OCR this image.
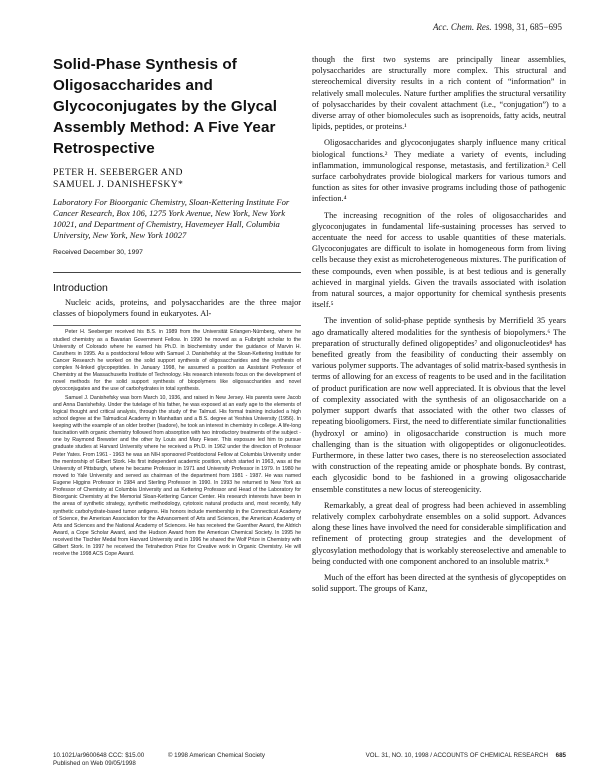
Acc. Chem. Res. 1998, 31, 685−695
Solid-Phase Synthesis of Oligosaccharides and Glycoconjugates by the Glycal Assembly Method: A Five Year Retrospective
PETER H. SEEBERGER AND
SAMUEL J. DANISHEFSKY*
Laboratory For Bioorganic Chemistry, Sloan-Kettering Institute For Cancer Research, Box 106, 1275 York Avenue, New York, New York 10021, and Department of Chemistry, Havemeyer Hall, Columbia University, New York, New York 10027
Received December 30, 1997
Introduction

Nucleic acids, proteins, and polysaccharides are the three major classes of biopolymers found in eukaryotes. Al-

Peter H. Seeberger received his B.S. in 1989 from the Universität Erlangen-Nürnberg, where he studied chemistry as a Bavarian Government Fellow. In 1990 he moved as a Fulbright scholar to the University of Colorado where he earned his Ph.D. in biochemistry under the guidance of Marvin H. Caruthers in 1995. As a postdoctoral fellow with Samuel J. Danishefsky at the Sloan-Kettering Institute for Cancer Research he worked on the solid support synthesis of oligosaccharides and the synthesis of complex N-linked glycopeptides. In January 1998, he assumed a position as Assistant Professor of Chemistry at the Massachusetts Institute of Technology. His research interests focus on the development of novel methods for the solid support synthesis of biopolymers like oligosaccharides and novel glycoconjugates and the use of carbohydrates in total synthesis.

Samuel J. Danishefsky was born March 10, 1936, and raised in New Jersey. His parents were Jacob and Anna Danishefsky. Under the tutelage of his father, he was exposed at an early age to the elements of logical thought and critical analysis, through the study of the Talmud. His formal training included a high school degree at the Talmudical Academy in Manhattan and a B.S. degree at Yeshiva University (1956). In keeping with the example of an older brother (Isadore), he took an interest in chemistry in college. A life-long fascination with organic chemistry followed from absorption with two introductory treatments of the subject - one by Raymond Brewster and the other by Louis and Mary Fieser. This exposure led him to pursue graduate studies at Harvard University where he received a Ph.D. in 1962 under the direction of Professor Peter Yates. From 1961 - 1963 he was an NIH sponsored Postdoctoral Fellow at Columbia University under the mentorship of Gilbert Stork. His first independent academic position, which started in 1963, was at the University of Pittsburgh, where he became Professor in 1971 and University Professor in 1979. In 1980 he moved to Yale University and served as chairman of the department from 1981 - 1987. He was named Eugene Higgins Professor in 1984 and Sterling Professor in 1990. In 1993 he returned to New York as Professor of Chemistry at Columbia University and as Kettering Professor and Head of the Laboratory for Bioorganic Chemistry at the Memorial Sloan-Kettering Cancer Center. His research interests have been in the areas of synthetic strategy, synthetic methodology, cytotoxic natural products and, most recently, fully synthetic carbohydrate-based tumor antigens. His honors include membership in the Connecticut Academy of Science, the American Association for the Advancement of Arts and Sciences, the American Academy of Arts and Sciences and the National Academy of Sciences. He has received the Guenther Award, the Aldrich Award, a Cope Scholar Award, and the Hudson Award from the American Chemical Society. In 1995 he received the Tischler Medal from Harvard University and in 1996 he shared the Wolf Prize in Chemistry with Gilbert Stork. In 1997 he received the Tetrahedron Prize for Creative work in Organic Chemistry. He will receive the 1998 ACS Cope Award.

though the first two systems are principally linear assemblies, polysaccharides are structurally more complex. This structural and stereochemical diversity results in a rich content of “information” in relatively small molecules. Nature further amplifies the structural versatility of polysaccharides by their covalent attachment (i.e., “conjugation”) to a diverse array of other biomolecules such as isoprenoids, fatty acids, neutral lipids, peptides, or proteins.¹

Oligosaccharides and glycoconjugates sharply influence many critical biological functions.² They mediate a variety of events, including inflammation, immunological response, metastasis, and fertilization.³ Cell surface carbohydrates provide biological markers for various tumors and function as sites for other invasive programs including those of pathogenic infection.⁴

The increasing recognition of the roles of oligosaccharides and glycoconjugates in fundamental life-sustaining processes has served to accentuate the need for access to usable quantities of these materials. Glycoconjugates are difficult to isolate in homogeneous form from living cells because they exist as microheterogeneous mixtures. The purification of these compounds, even when possible, is at best tedious and is generally achieved in marginal yields. Given the travails associated with isolation from natural sources, a major opportunity for chemical synthesis presents itself.⁵

The invention of solid-phase peptide synthesis by Merrifield 35 years ago dramatically altered modalities for the synthesis of biopolymers.⁶ The preparation of structurally defined oligopeptides⁷ and oligonucleotides⁸ has benefited greatly from the feasibility of conducting their assembly on various polymer supports. The advantages of solid matrix-based synthesis in terms of allowing for an excess of reagents to be used and in the facilitation of product purification are now well appreciated. It is obvious that the level of complexity associated with the synthesis of an oligosaccharide on a polymer support dwarfs that associated with the other two classes of repeating biooligomers. First, the need to differentiate similar functionalities (hydroxyl or amino) in oligosaccharide construction is much more challenging than is the situation with oligopeptides or oligonucleotides. Furthermore, in these latter two cases, there is no stereoselection associated with construction of the repeating amide or phosphate bonds. By contrast, each glycosidic bond to be fashioned in a growing oligosaccharide ensemble constitutes a new locus of stereogenicity.

Remarkably, a great deal of progress had been achieved in assembling relatively complex carbohydrate ensembles on a solid support. Advances along these lines have involved the need for considerable simplification and refinement of protecting group strategies and the development of glycosylation methodology that is workably stereoselective and amenable to being conducted with one component anchored to an insoluble matrix.⁹

Much of the effort has been directed at the synthesis of glycopeptides on solid support. The groups of Kanz,

10.1021/ar9600648 CCC: $15.00	© 1998 American Chemical Society
Published on Web 09/05/1998
VOL. 31, NO. 10, 1998 / ACCOUNTS OF CHEMICAL RESEARCH 685
